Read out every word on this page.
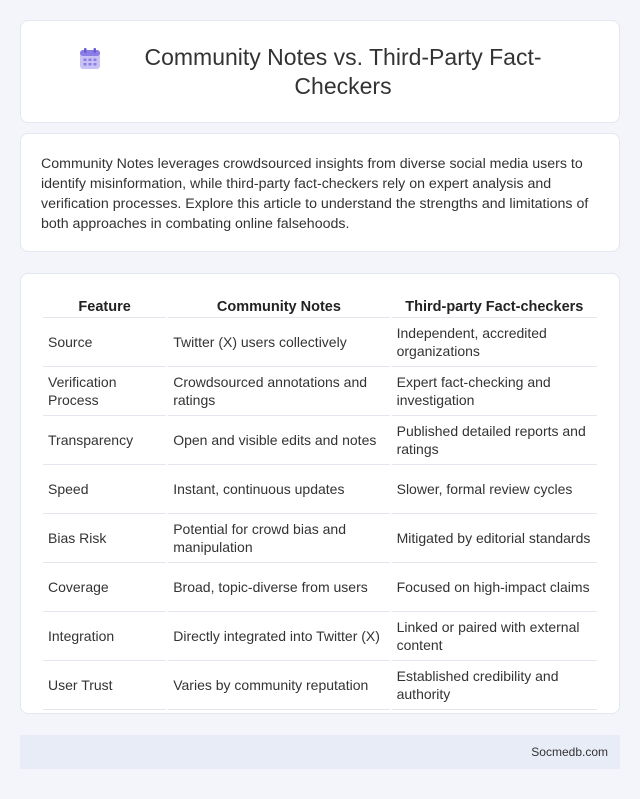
Community Notes vs. Third-Party Fact-Checkers

Community Notes leverages crowdsourced insights from diverse social media users to identify misinformation, while third-party fact-checkers rely on expert analysis and verification processes. Explore this article to understand the strengths and limitations of both approaches in combating online falsehoods.

Feature	Community Notes	Third-party Fact-checkers
Source	Twitter (X) users collectively	Independent, accredited organizations
Verification Process	Crowdsourced annotations and ratings	Expert fact-checking and investigation
Transparency	Open and visible edits and notes	Published detailed reports and ratings
Speed	Instant, continuous updates	Slower, formal review cycles
Bias Risk	Potential for crowd bias and manipulation	Mitigated by editorial standards
Coverage	Broad, topic-diverse from users	Focused on high-impact claims
Integration	Directly integrated into Twitter (X)	Linked or paired with external content
User Trust	Varies by community reputation	Established credibility and authority
Socmedb.com
